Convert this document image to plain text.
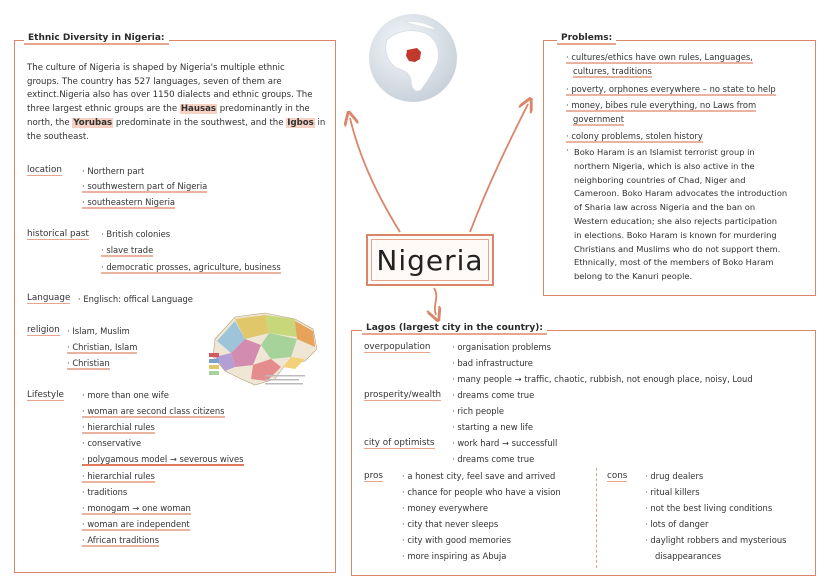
Nigeria
Ethnic Diversity in Nigeria:
The culture of Nigeria is shaped by Nigeria's multiple ethnic
groups. The country has 527 languages, seven of them are
extinct.Nigeria also has over 1150 dialects and ethnic groups. The
three largest ethnic groups are the Hausas predominantly in the
north, the Yorubas predominate in the southwest, and the Igbos in
the southeast.
location · Northern part
· southwestern part of Nigeria
· southeastern Nigeria
historical past · British colonies
· slave trade
· democratic prosses, agriculture, business
Language · Englisch: offical Language
religion · Islam, Muslim
· Christian, Islam
· Christian
Lifestyle · more than one wife
· woman are second class citizens
· hierarchial rules
· conservative
· polygamous model → severous wives
· hierarchial rules
· traditions
· monogam → one woman
· woman are independent
· African traditions
Problems:
· cultures/ethics have own rules, Languages,
cultures, traditions
· poverty, orphones everywhere – no state to help
· money, bibes rule everything, no Laws from
government
· colony problems, stolen history
· Boko Haram is an Islamist terrorist group in
northern Nigeria, which is also active in the
neighboring countries of Chad, Niger and
Cameroon. Boko Haram advocates the introduction
of Sharia law across Nigeria and the ban on
Western education; she also rejects participation
in elections. Boko Haram is known for murdering
Christians and Muslims who do not support them.
Ethnically, most of the members of Boko Haram
belong to the Kanuri people.
Lagos (largest city in the country):
overpopulation	· organisation problems
· bad infrastructure
· many people → traffic, chaotic, rubbish, not enough place, noisy, Loud
prosperity/wealth · dreams come true
· rich people
· starting a new life
city of optimists · work hard → successfull
· dreams come true
pros · a honest city, feel save and arrived
· chance for people who have a vision
· money everywhere
· city that never sleeps
· city with good memories
· more inspiring as Abuja
cons · drug dealers
· ritual killers
· not the best living conditions
· lots of danger
· daylight robbers and mysterious
disappearances
